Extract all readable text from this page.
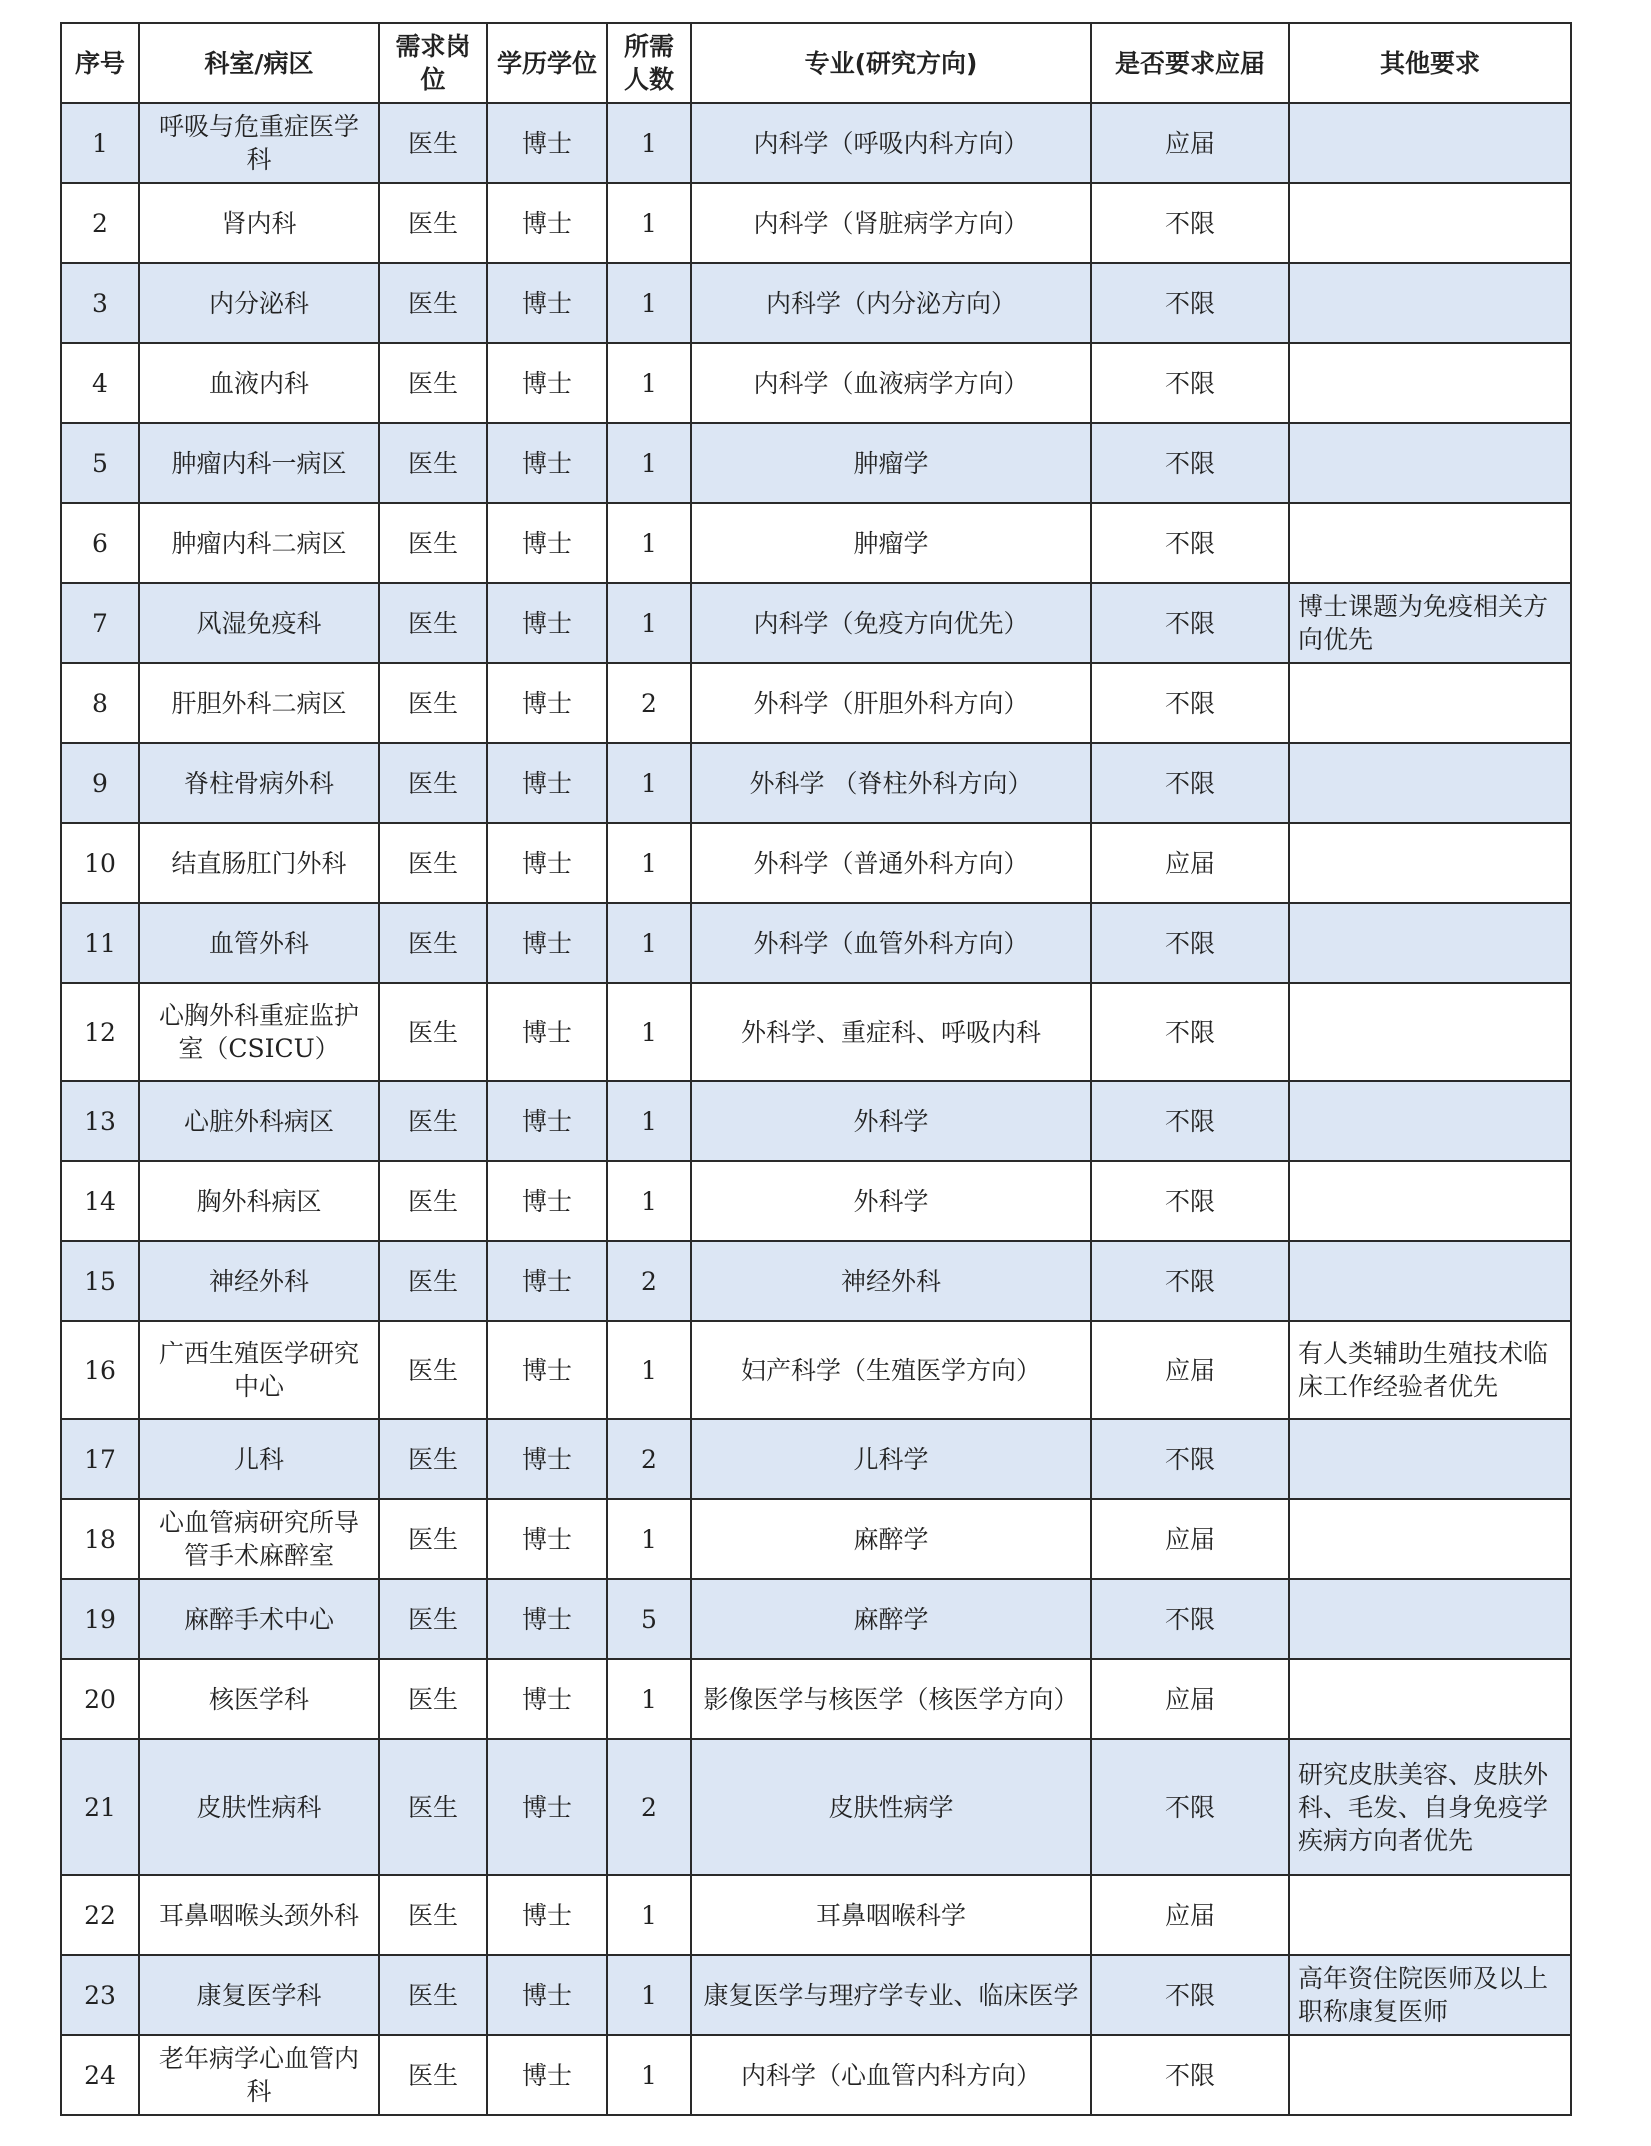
序号	科室/病区	需求岗位	学历学位	所需人数	专业(研究方向)	是否要求应届	其他要求
1	呼吸与危重症医学科	医生	博士	1	内科学（呼吸内科方向）	应届	
2	肾内科	医生	博士	1	内科学（肾脏病学方向）	不限	
3	内分泌科	医生	博士	1	内科学（内分泌方向）	不限	
4	血液内科	医生	博士	1	内科学（血液病学方向）	不限	
5	肿瘤内科一病区	医生	博士	1	肿瘤学	不限	
6	肿瘤内科二病区	医生	博士	1	肿瘤学	不限	
7	风湿免疫科	医生	博士	1	内科学（免疫方向优先）	不限	博士课题为免疫相关方向优先
8	肝胆外科二病区	医生	博士	2	外科学（肝胆外科方向）	不限	
9	脊柱骨病外科	医生	博士	1	外科学 （脊柱外科方向）	不限	
10	结直肠肛门外科	医生	博士	1	外科学（普通外科方向）	应届	
11	血管外科	医生	博士	1	外科学（血管外科方向）	不限	
12	心胸外科重症监护室（CSICU）	医生	博士	1	外科学、重症科、呼吸内科	不限	
13	心脏外科病区	医生	博士	1	外科学	不限	
14	胸外科病区	医生	博士	1	外科学	不限	
15	神经外科	医生	博士	2	神经外科	不限	
16	广西生殖医学研究中心	医生	博士	1	妇产科学（生殖医学方向）	应届	有人类辅助生殖技术临床工作经验者优先
17	儿科	医生	博士	2	儿科学	不限	
18	心血管病研究所导管手术麻醉室	医生	博士	1	麻醉学	应届	
19	麻醉手术中心	医生	博士	5	麻醉学	不限	
20	核医学科	医生	博士	1	影像医学与核医学（核医学方向）	应届	
21	皮肤性病科	医生	博士	2	皮肤性病学	不限	研究皮肤美容、皮肤外科、毛发、自身免疫学疾病方向者优先
22	耳鼻咽喉头颈外科	医生	博士	1	耳鼻咽喉科学	应届	
23	康复医学科	医生	博士	1	康复医学与理疗学专业、临床医学	不限	高年资住院医师及以上职称康复医师
24	老年病学心血管内科	医生	博士	1	内科学（心血管内科方向）	不限	
